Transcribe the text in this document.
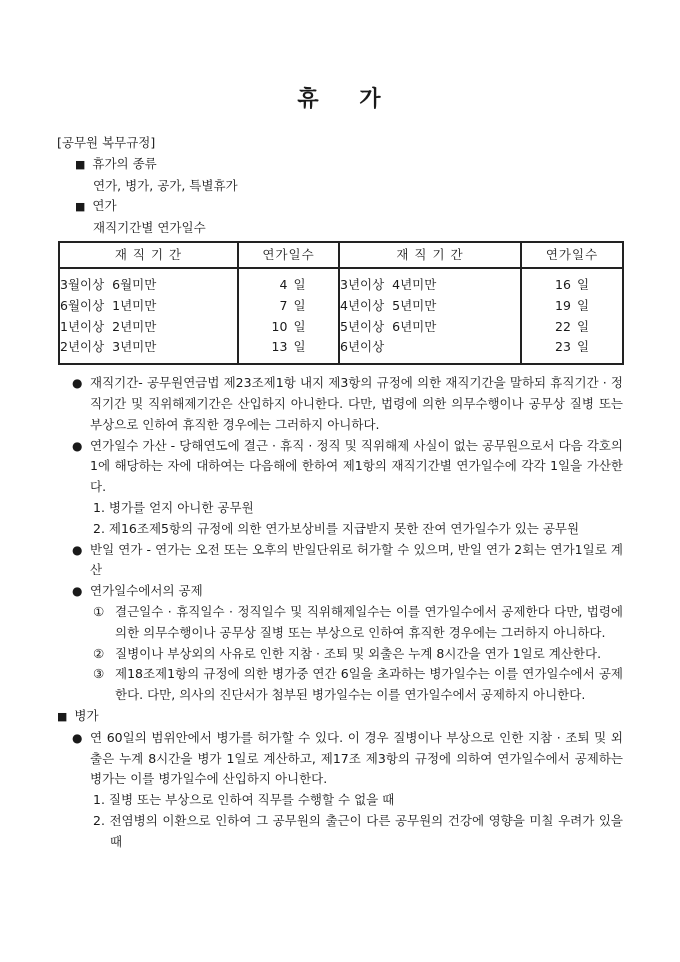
휴    가
[공무원 복무규정]
■ 휴가의 종류
연가, 병가, 공가, 특별휴가
■ 연가
재직기간별 연가일수
재 직 기 간	연가일수	재 직 기 간	연가일수
3월이상  6월미만	4 일	3년이상  4년미만	16 일
6월이상  1년미만	7 일	4년이상  5년미만	19 일
1년이상  2년미만	10 일	5년이상  6년미만	22 일
2년이상  3년미만	13 일	6년이상	23 일
● 재직기간- 공무원연금법 제23조제1항 내지 제3항의 규정에 의한 재직기간을 말하되 휴직기간 · 정직기간 및 직위해제기간은 산입하지 아니한다. 다만, 법령에 의한 의무수행이나 공무상 질병 또는 부상으로 인하여 휴직한 경우에는 그러하지 아니하다.
● 연가일수 가산 - 당해연도에 결근 · 휴직 · 정직 및 직위해제 사실이 없는 공무원으로서 다음 각호의 1에 해당하는 자에 대하여는 다음해에 한하여 제1항의 재직기간별 연가일수에 각각 1일을 가산한다.
1. 병가를 얻지 아니한 공무원
2. 제16조제5항의 규정에 의한 연가보상비를 지급받지 못한 잔여 연가일수가 있는 공무원
● 반일 연가 - 연가는 오전 또는 오후의 반일단위로 허가할 수 있으며, 반일 연가 2회는 연가1일로 계산
● 연가일수에서의 공제
① 결근일수 · 휴직일수 · 정직일수 및 직위해제일수는 이를 연가일수에서 공제한다 다만, 법령에 의한 의무수행이나 공무상 질병 또는 부상으로 인하여 휴직한 경우에는 그러하지 아니하다.
② 질병이나 부상외의 사유로 인한 지참 · 조퇴 및 외출은 누계 8시간을 연가 1일로 계산한다.
③ 제18조제1항의 규정에 의한 병가중 연간 6일을 초과하는 병가일수는 이를 연가일수에서 공제한다. 다만, 의사의 진단서가 첨부된 병가일수는 이를 연가일수에서 공제하지 아니한다.
■ 병가
● 연 60일의 범위안에서 병가를 허가할 수 있다. 이 경우 질병이나 부상으로 인한 지참 · 조퇴 및 외출은 누계 8시간을 병가 1일로 계산하고, 제17조 제3항의 규정에 의하여 연가일수에서 공제하는 병가는 이를 병가일수에 산입하지 아니한다.
1. 질병 또는 부상으로 인하여 직무를 수행할 수 없을 때
2. 전염병의 이환으로 인하여 그 공무원의 출근이 다른 공무원의 건강에 영향을 미칠 우려가 있을 때
